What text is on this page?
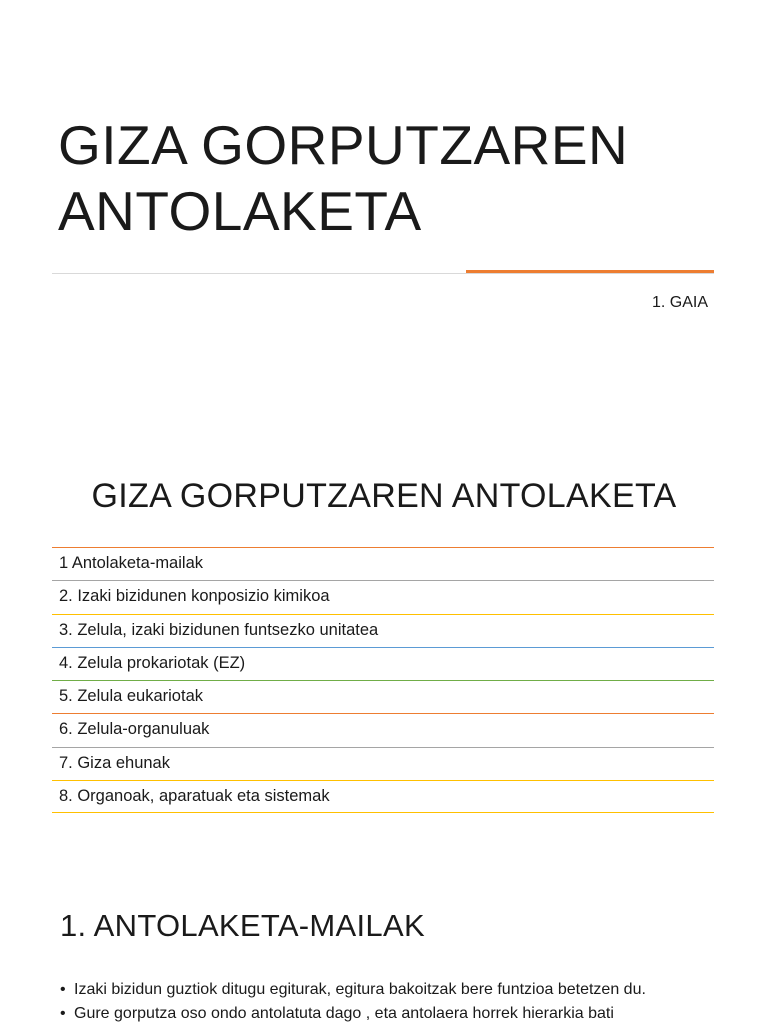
GIZA GORPUTZAREN
ANTOLAKETA
1. GAIA
GIZA GORPUTZAREN ANTOLAKETA
1 Antolaketa-mailak
2. Izaki bizidunen konposizio kimikoa
3. Zelula, izaki bizidunen funtsezko unitatea
4. Zelula prokariotak (EZ)
5. Zelula eukariotak
6. Zelula-organuluak
7. Giza ehunak
8. Organoak, aparatuak eta sistemak
1. ANTOLAKETA-MAILAK
• Izaki bizidun guztiok ditugu egiturak, egitura bakoitzak bere funtzioa betetzen du.
• Gure gorputza oso ondo antolatuta dago , eta antolaera horrek hierarkia bati
